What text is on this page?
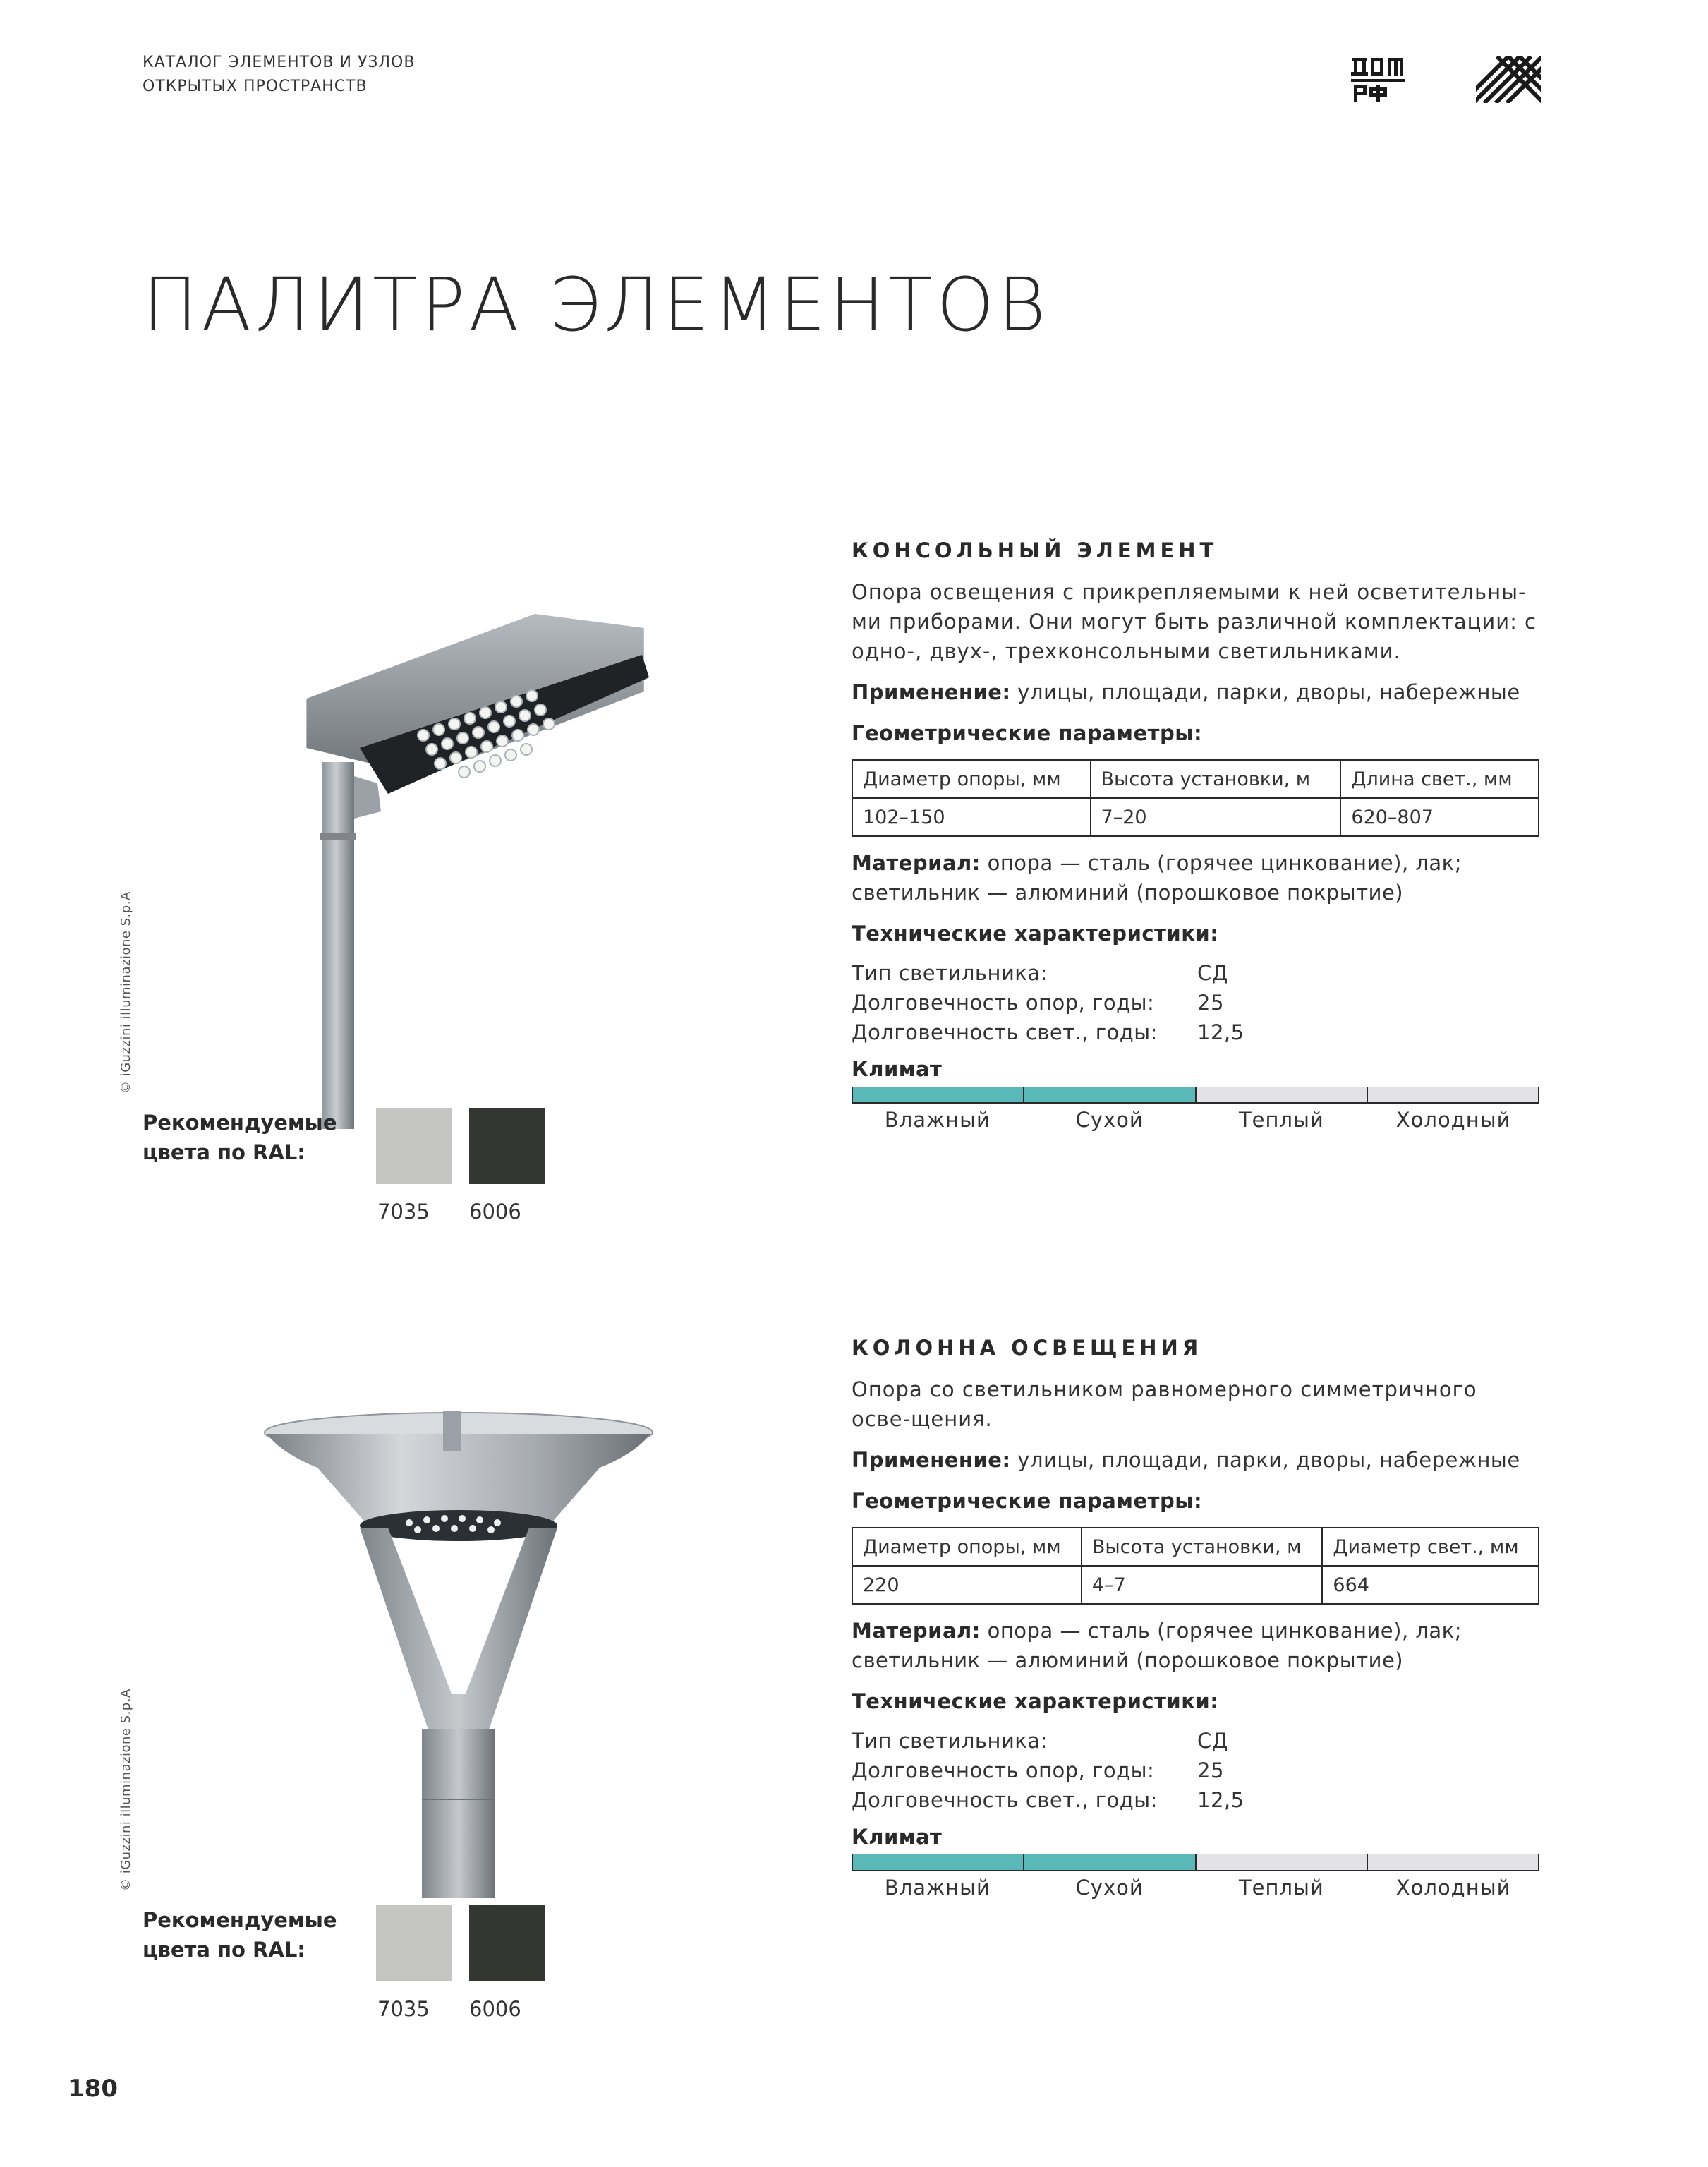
КАТАЛОГ ЭЛЕМЕНТОВ И УЗЛОВ
ОТКРЫТЫХ ПРОСТРАНСТВ
ПАЛИТРА ЭЛЕМЕНТОВ
© iGuzzini illuminazione S.p.A
Рекомендуемые
цвета по RAL:
7035 6006
КОНСОЛЬНЫЙ ЭЛЕМЕНТ
Опора освещения с прикрепляемыми к ней осветительны-ми приборами. Они могут быть различной комплектации: с одно-, двух-, трехконсольными светильниками.
Применение: улицы, площади, парки, дворы, набережные
Геометрические параметры:
Диаметр опоры, мм	Высота установки, м	Длина свет., мм
102–150	7–20	620–807
Материал: опора — сталь (горячее цинкование), лак; светильник — алюминий (порошковое покрытие)
Технические характеристики:
Тип светильника:	СД
Долговечность опор, годы:	25
Долговечность свет., годы:	12,5
Климат
Влажный	Сухой	Теплый	Холодный
© iGuzzini illuminazione S.p.A
Рекомендуемые
цвета по RAL:
7035 6006
КОЛОННА ОСВЕЩЕНИЯ
Опора со светильником равномерного симметричного осве-щения.
Применение: улицы, площади, парки, дворы, набережные
Геометрические параметры:
Диаметр опоры, мм	Высота установки, м	Диаметр свет., мм
220	4–7	664
Материал: опора — сталь (горячее цинкование), лак; светильник — алюминий (порошковое покрытие)
Технические характеристики:
Тип светильника:	СД
Долговечность опор, годы:	25
Долговечность свет., годы:	12,5
Климат
Влажный	Сухой	Теплый	Холодный
180
